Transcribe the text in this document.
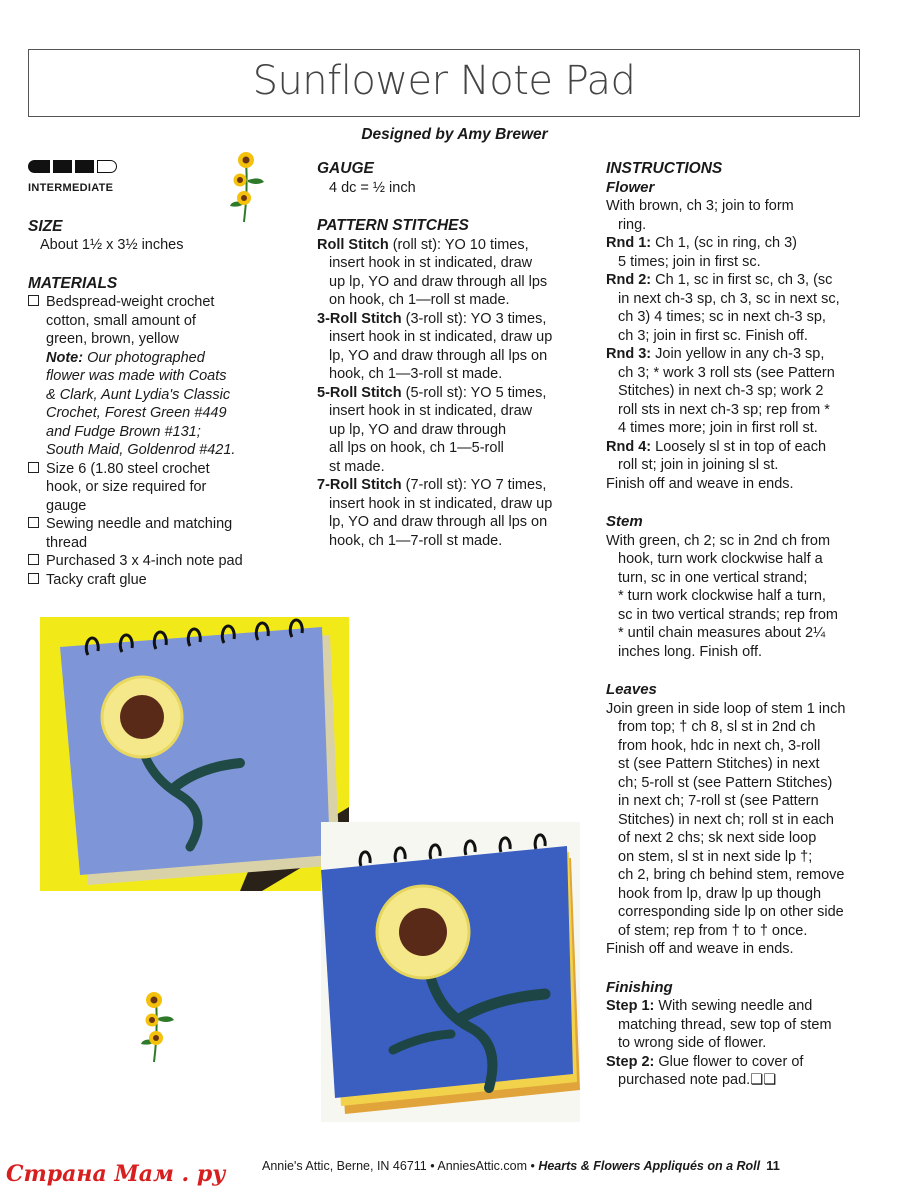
Sunflower Note Pad
Designed by Amy Brewer

INTERMEDIATE

SIZE

About 1½ x 3½ inches

MATERIALS

Bedspread-weight crochet

cotton, small amount of

green, brown, yellow

Note: Our photographed

flower was made with Coats

& Clark, Aunt Lydia's Classic

Crochet, Forest Green #449

and Fudge Brown #131;

South Maid, Goldenrod #421.

Size 6 (1.80 steel crochet

hook, or size required for

gauge

Sewing needle and matching

thread

Purchased 3 x 4-inch note pad

Tacky craft glue

GAUGE

4 dc = ½ inch

PATTERN STITCHES

Roll Stitch (roll st): YO 10 times,

insert hook in st indicated, draw

up lp, YO and draw through all lps

on hook, ch 1—roll st made.

3-Roll Stitch (3-roll st): YO 3 times,

insert hook in st indicated, draw up

lp, YO and draw through all lps on

hook, ch 1—3-roll st made.

5-Roll Stitch (5-roll st): YO 5 times,

insert hook in st indicated, draw

up lp, YO and draw through

all lps on hook, ch 1—5-roll

st made.

7-Roll Stitch (7-roll st): YO 7 times,

insert hook in st indicated, draw up

lp, YO and draw through all lps on

hook, ch 1—7-roll st made.

INSTRUCTIONS

Flower

With brown, ch 3; join to form

ring.

Rnd 1: Ch 1, (sc in ring, ch 3)

5 times; join in first sc.

Rnd 2: Ch 1, sc in first sc, ch 3, (sc

in next ch-3 sp, ch 3, sc in next sc,

ch 3) 4 times; sc in next ch-3 sp,

ch 3; join in first sc. Finish off.

Rnd 3: Join yellow in any ch-3 sp,

ch 3; * work 3 roll sts (see Pattern

Stitches) in next ch-3 sp; work 2

roll sts in next ch-3 sp; rep from *

4 times more; join in first roll st.

Rnd 4: Loosely sl st in top of each

roll st; join in joining sl st.

Finish off and weave in ends.

Stem

With green, ch 2; sc in 2nd ch from

hook, turn work clockwise half a

turn, sc in one vertical strand;

* turn work clockwise half a turn,

sc in two vertical strands; rep from

* until chain measures about 2¼

inches long. Finish off.

Leaves

Join green in side loop of stem 1 inch

from top; † ch 8, sl st in 2nd ch

from hook, hdc in next ch, 3-roll

st (see Pattern Stitches) in next

ch; 5-roll st (see Pattern Stitches)

in next ch; 7-roll st (see Pattern

Stitches) in next ch; roll st in each

of next 2 chs; sk next side loop

on stem, sl st in next side lp †;

ch 2, bring ch behind stem, remove

hook from lp, draw lp up though

corresponding side lp on other side

of stem; rep from † to † once.

Finish off and weave in ends.

Finishing

Step 1: With sewing needle and

matching thread, sew top of stem

to wrong side of flower.

Step 2: Glue flower to cover of

purchased note pad.❏❏

Annie's Attic, Berne, IN 46711 • AnniesAttic.com • Hearts & Flowers Appliqués on a Roll 11
Страна Мам . ру
